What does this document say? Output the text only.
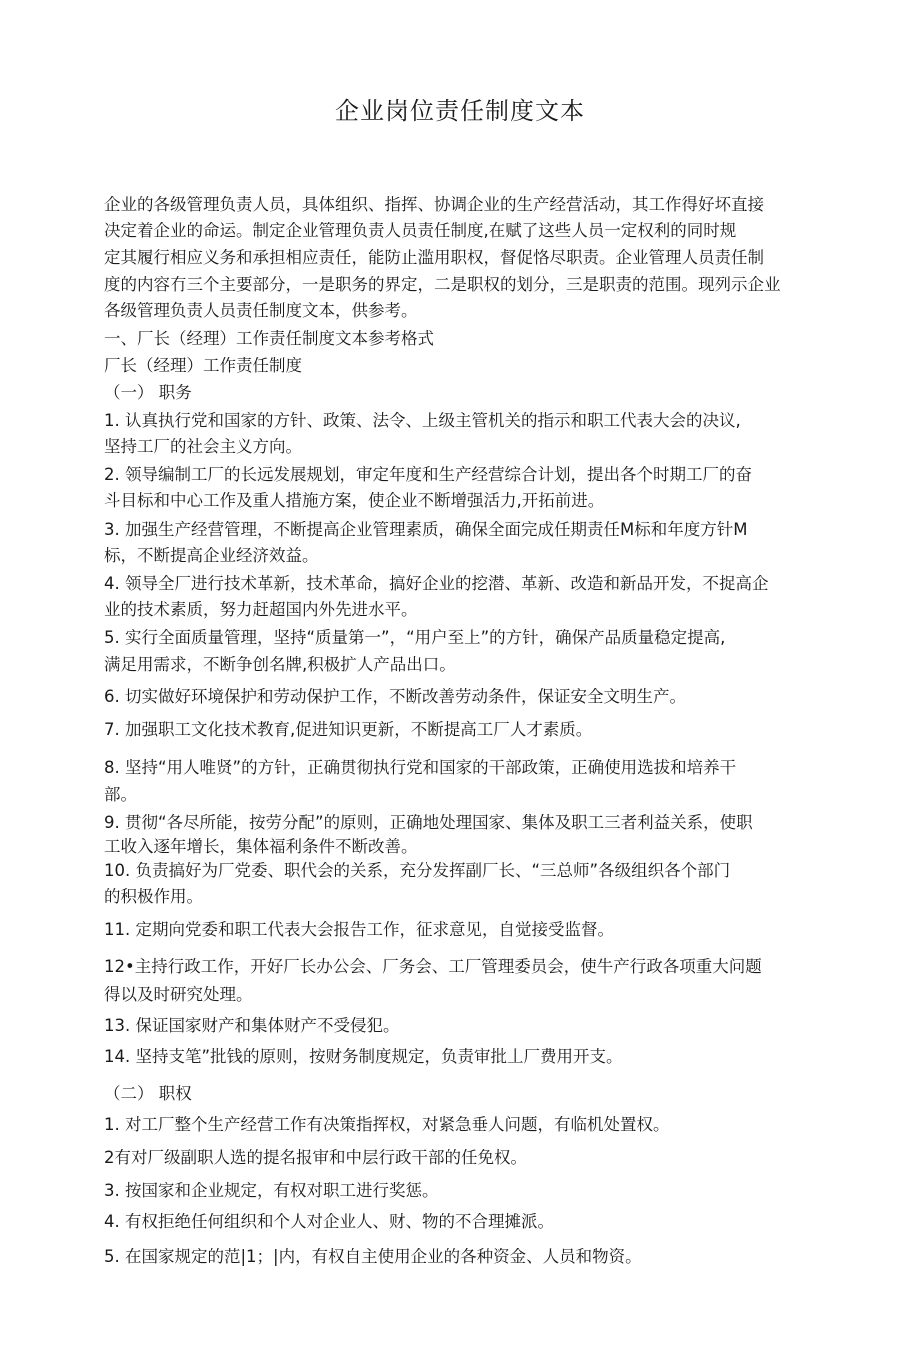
企业岗位责任制度文本
企业的各级管理负责人员，具体组织、指挥、协调企业的生产经营活动，其工作得好坏直接
决定着企业的命运。制定企业管理负责人员责任制度,在赋了这些人员一定权利的同时规
定其履行相应义务和承担相应责任，能防止滥用职权，督促恪尽职责。企业管理人员责任制
度的内容冇三个主要部分，一是职务的界定，二是职权的划分，三是职责的范围。现列示企业
各级管理负责人员责任制度文本，供参考。
一、厂长（经理）工作责任制度文本参考格式
厂长（经理）工作责任制度
（一） 职务
1. 认真执行党和国家的方针、政策、法令、上级主管机关的指示和职工代表大会的决议,
坚持工厂的社会主义方向。
2. 领导编制工厂的长远发展规划，审定年度和生产经营综合计划，提出各个时期工厂的奋
斗目标和中心工作及重人措施方案，使企业不断增强活力,开拓前进。
3. 加强生产经营管理，不断提高企业管理素质，确保全面完成任期责任M标和年度方针M
标，不断提高企业经济效益。
4. 领导全厂进行技术革新，技术革命，搞好企业的挖潜、革新、改造和新品开发，不捉高企
业的技术素质，努力赶超国内外先进水平。
5. 实行全面质量管理，坚持“质量第一”，“用户至上”的方针，确保产品质量稳定提高,
满足用需求，不断争创名牌,积极扩人产品出口。
6. 切实做好环境保护和劳动保护工作，不断改善劳动条件，保证安全文明生产。
7. 加强职工文化技术教育,促进知识更新，不断提高工厂人才素质。
8. 坚持“用人唯贤”的方针，正确贯彻执行党和国家的干部政策，正确使用选拔和培养干
部。
9. 贯彻“各尽所能，按劳分配”的原则，正确地处理国家、集体及职工三者利益关系，使职
工收入逐年增长，集体福利条件不断改善。
10. 负责搞好为厂党委、职代会的关系，充分发挥副厂长、“三总师”各级组织各个部门
的积极作用。
11. 定期向党委和职工代表大会报告工作，征求意见，自觉接受监督。
12•主持行政工作，开好厂长办公会、厂务会、工厂管理委员会，使牛产行政各项重大问题
得以及时研究处理。
13. 保证国家财产和集体财产不受侵犯。
14. 坚持支笔”批钱的原则，按财务制度规定，负责审批丄厂费用开支。
（二） 职权
1. 对工厂整个生产经营工作有决策指挥权，对紧急垂人问题，有临机处置权。
2有对厂级副职人选的提名报审和中层行政干部的任免权。
3. 按国家和企业规定，有权对职工进行奖惩。
4. 有权拒绝任何组织和个人对企业人、财、物的不合理摊派。
5. 在国家规定的范|1；|内，有权自主使用企业的各种资金、人员和物资。
